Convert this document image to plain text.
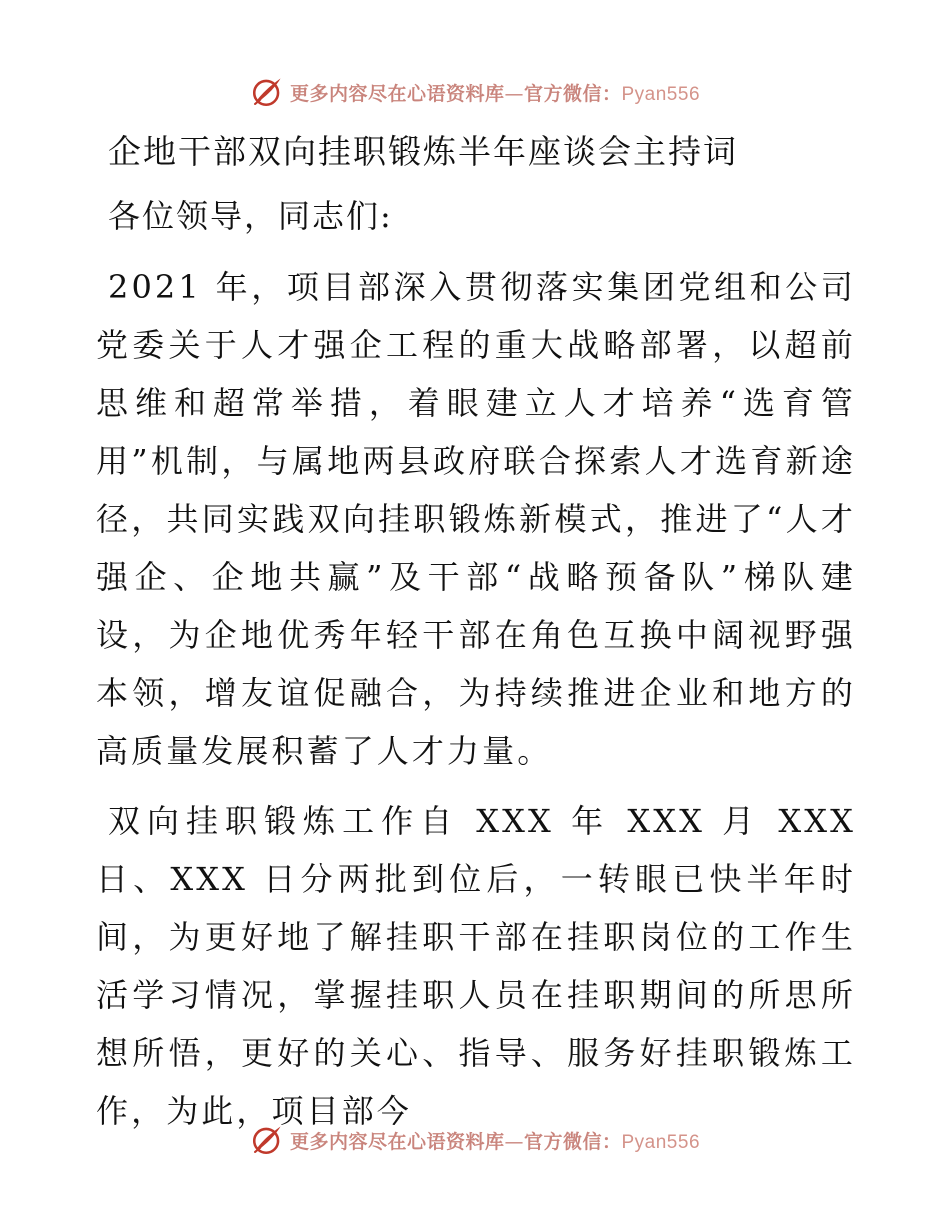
更多内容尽在心语资料库—官方微信：Pyan556
企地干部双向挂职锻炼半年座谈会主持词

各位领导，同志们:

2021 年，项目部深入贯彻落实集团党组和公司党委关于人才强企工程的重大战略部署，以超前思维和超常举措，着眼建立人才培养“选育管用”机制，与属地两县政府联合探索人才选育新途径，共同实践双向挂职锻炼新模式，推进了“人才强企、企地共赢”及干部“战略预备队”梯队建设，为企地优秀年轻干部在角色互换中阔视野强本领，增友谊促融合，为持续推进企业和地方的高质量发展积蓄了人才力量。

双向挂职锻炼工作自 XXX 年 XXX 月 XXX 日、XXX 日分两批到位后，一转眼已快半年时间，为更好地了解挂职干部在挂职岗位的工作生活学习情况，掌握挂职人员在挂职期间的所思所想所悟，更好的关心、指导、服务好挂职锻炼工作，为此，项目部今

更多内容尽在心语资料库—官方微信：Pyan556
